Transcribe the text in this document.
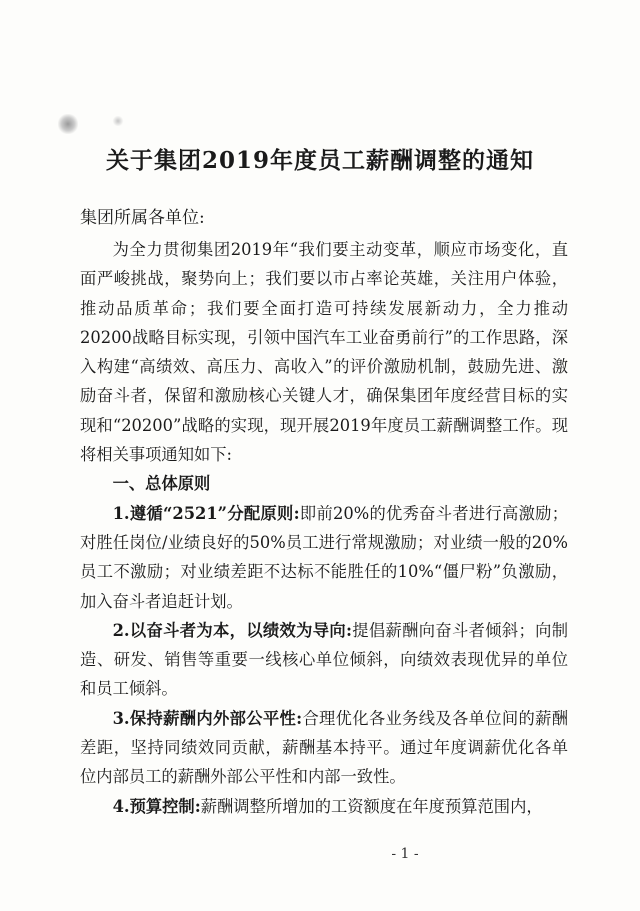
关于集团2019年度员工薪酬调整的通知

集团所属各单位:

为全力贯彻集团2019年“我们要主动变革，顺应市场变化，直面严峻挑战，聚势向上；我们要以市占率论英雄，关注用户体验，推动品质革命；我们要全面打造可持续发展新动力，全力推动20200战略目标实现，引领中国汽车工业奋勇前行”的工作思路，深入构建“高绩效、高压力、高收入”的评价激励机制，鼓励先进、激励奋斗者，保留和激励核心关键人才，确保集团年度经营目标的实现和“20200”战略的实现，现开展2019年度员工薪酬调整工作。现将相关事项通知如下:

一、总体原则

1.遵循“2521”分配原则:即前20%的优秀奋斗者进行高激励；对胜任岗位/业绩良好的50%员工进行常规激励；对业绩一般的20%员工不激励；对业绩差距不达标不能胜任的10%“僵尸粉”负激励，加入奋斗者追赶计划。

2.以奋斗者为本，以绩效为导向:提倡薪酬向奋斗者倾斜；向制造、研发、销售等重要一线核心单位倾斜，向绩效表现优异的单位和员工倾斜。

3.保持薪酬内外部公平性:合理优化各业务线及各单位间的薪酬差距，坚持同绩效同贡献，薪酬基本持平。通过年度调薪优化各单位内部员工的薪酬外部公平性和内部一致性。

4.预算控制:薪酬调整所增加的工资额度在年度预算范围内，

- 1 -
